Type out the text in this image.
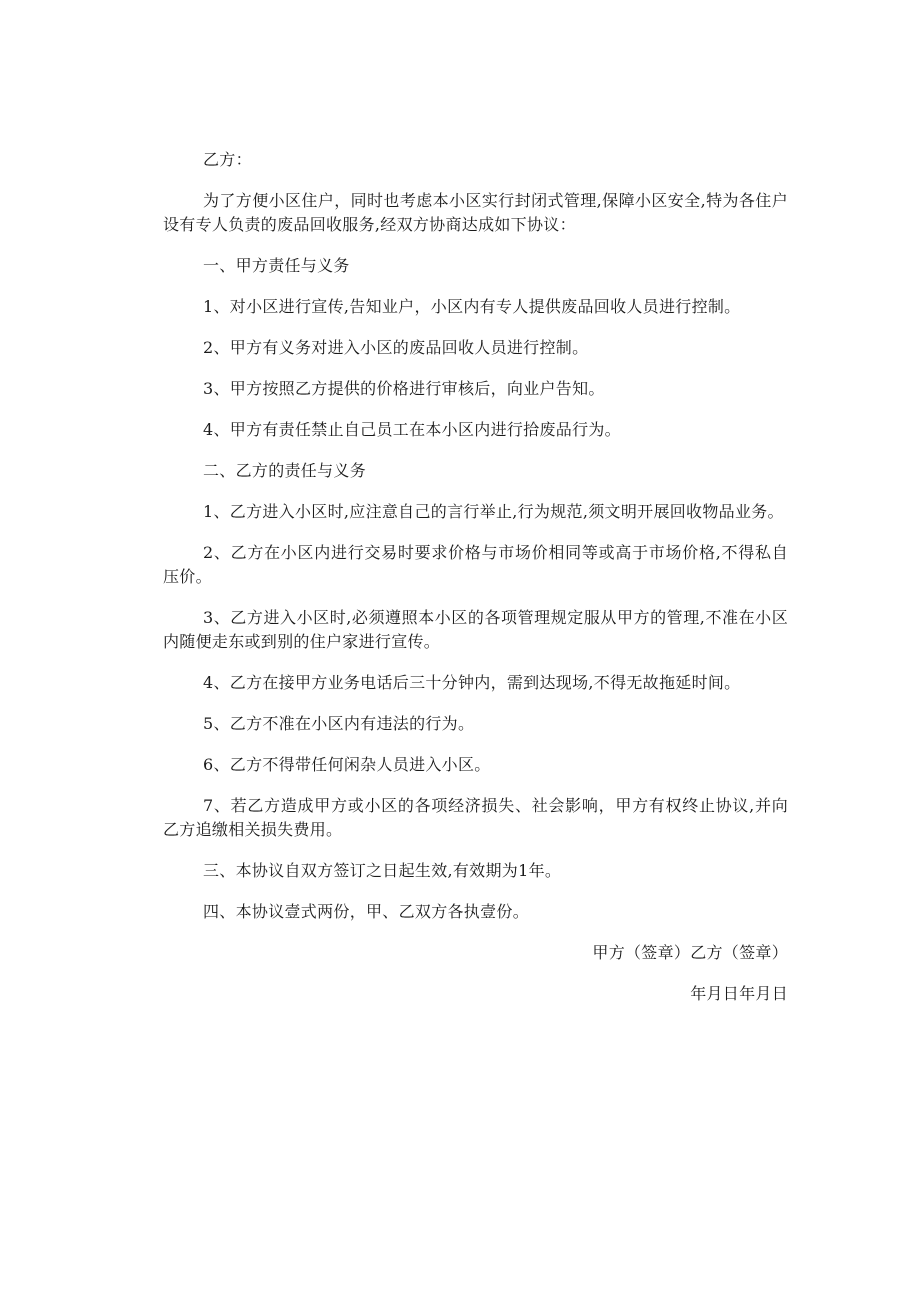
乙方：

为了方便小区住户，同时也考虑本小区实行封闭式管理,保障小区安全,特为各住户设有专人负责的废品回收服务,经双方协商达成如下协议：

一、甲方责任与义务

1、对小区进行宣传,告知业户，小区内有专人提供废品回收人员进行控制。

2、甲方有义务对进入小区的废品回收人员进行控制。

3、甲方按照乙方提供的价格进行审核后，向业户告知。

4、甲方有责任禁止自己员工在本小区内进行拾废品行为。

二、乙方的责任与义务

1、乙方进入小区时,应注意自己的言行举止,行为规范,须文明开展回收物品业务。

2、乙方在小区内进行交易时要求价格与市场价相同等或高于市场价格,不得私自压价。

3、乙方进入小区时,必须遵照本小区的各项管理规定服从甲方的管理,不准在小区内随便走东或到别的住户家进行宣传。

4、乙方在接甲方业务电话后三十分钟内，需到达现场,不得无故拖延时间。

5、乙方不准在小区内有违法的行为。

6、乙方不得带任何闲杂人员进入小区。

7、若乙方造成甲方或小区的各项经济损失、社会影响，甲方有权终止协议,并向乙方追缴相关损失费用。

三、本协议自双方签订之日起生效,有效期为1年。

四、本协议壹式两份，甲、乙双方各执壹份。

甲方（签章）乙方（签章）

年月日年月日
